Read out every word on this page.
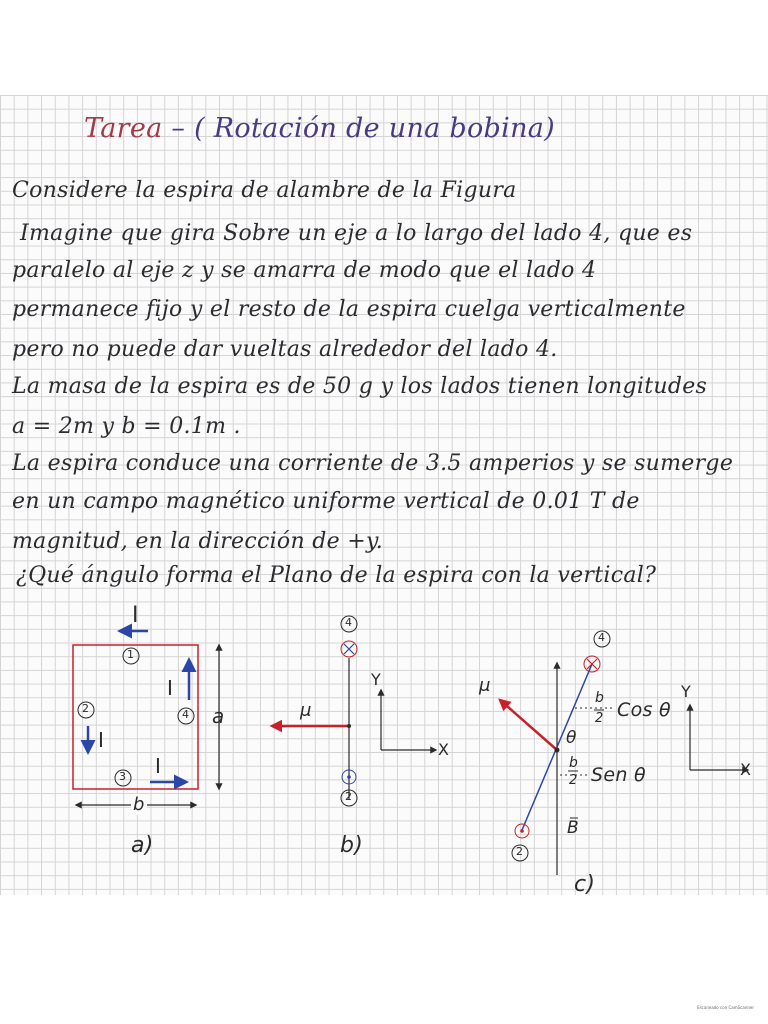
Tarea – ( Rotación de una bobina)
Considere la espira de alambre de la Figura
Imagine que gira Sobre un eje a lo largo del lado 4, que es
paralelo al eje z y se amarra de modo que el lado 4
permanece fijo y el resto de la espira cuelga verticalmente
pero no puede dar vueltas alrededor del lado 4.
La masa de la espira es de 50 g y los lados tienen longitudes
a = 2m y b = 0.1m .
La espira conduce una corriente de 3.5 amperios y se sumerge
en un campo magnético uniforme vertical de 0.01 T de
magnitud, en la dirección de +y.
¿Qué ángulo forma el Plano de la espira con la vertical?
I
I
I
I
1
2
3
4 a
b
a)
4
2
μ
Y
X
b)
4
2
μ
θ
b
2 Cos θ
b
2 Sen θ
B
Y
X
c)
Escaneado con CamScanner
